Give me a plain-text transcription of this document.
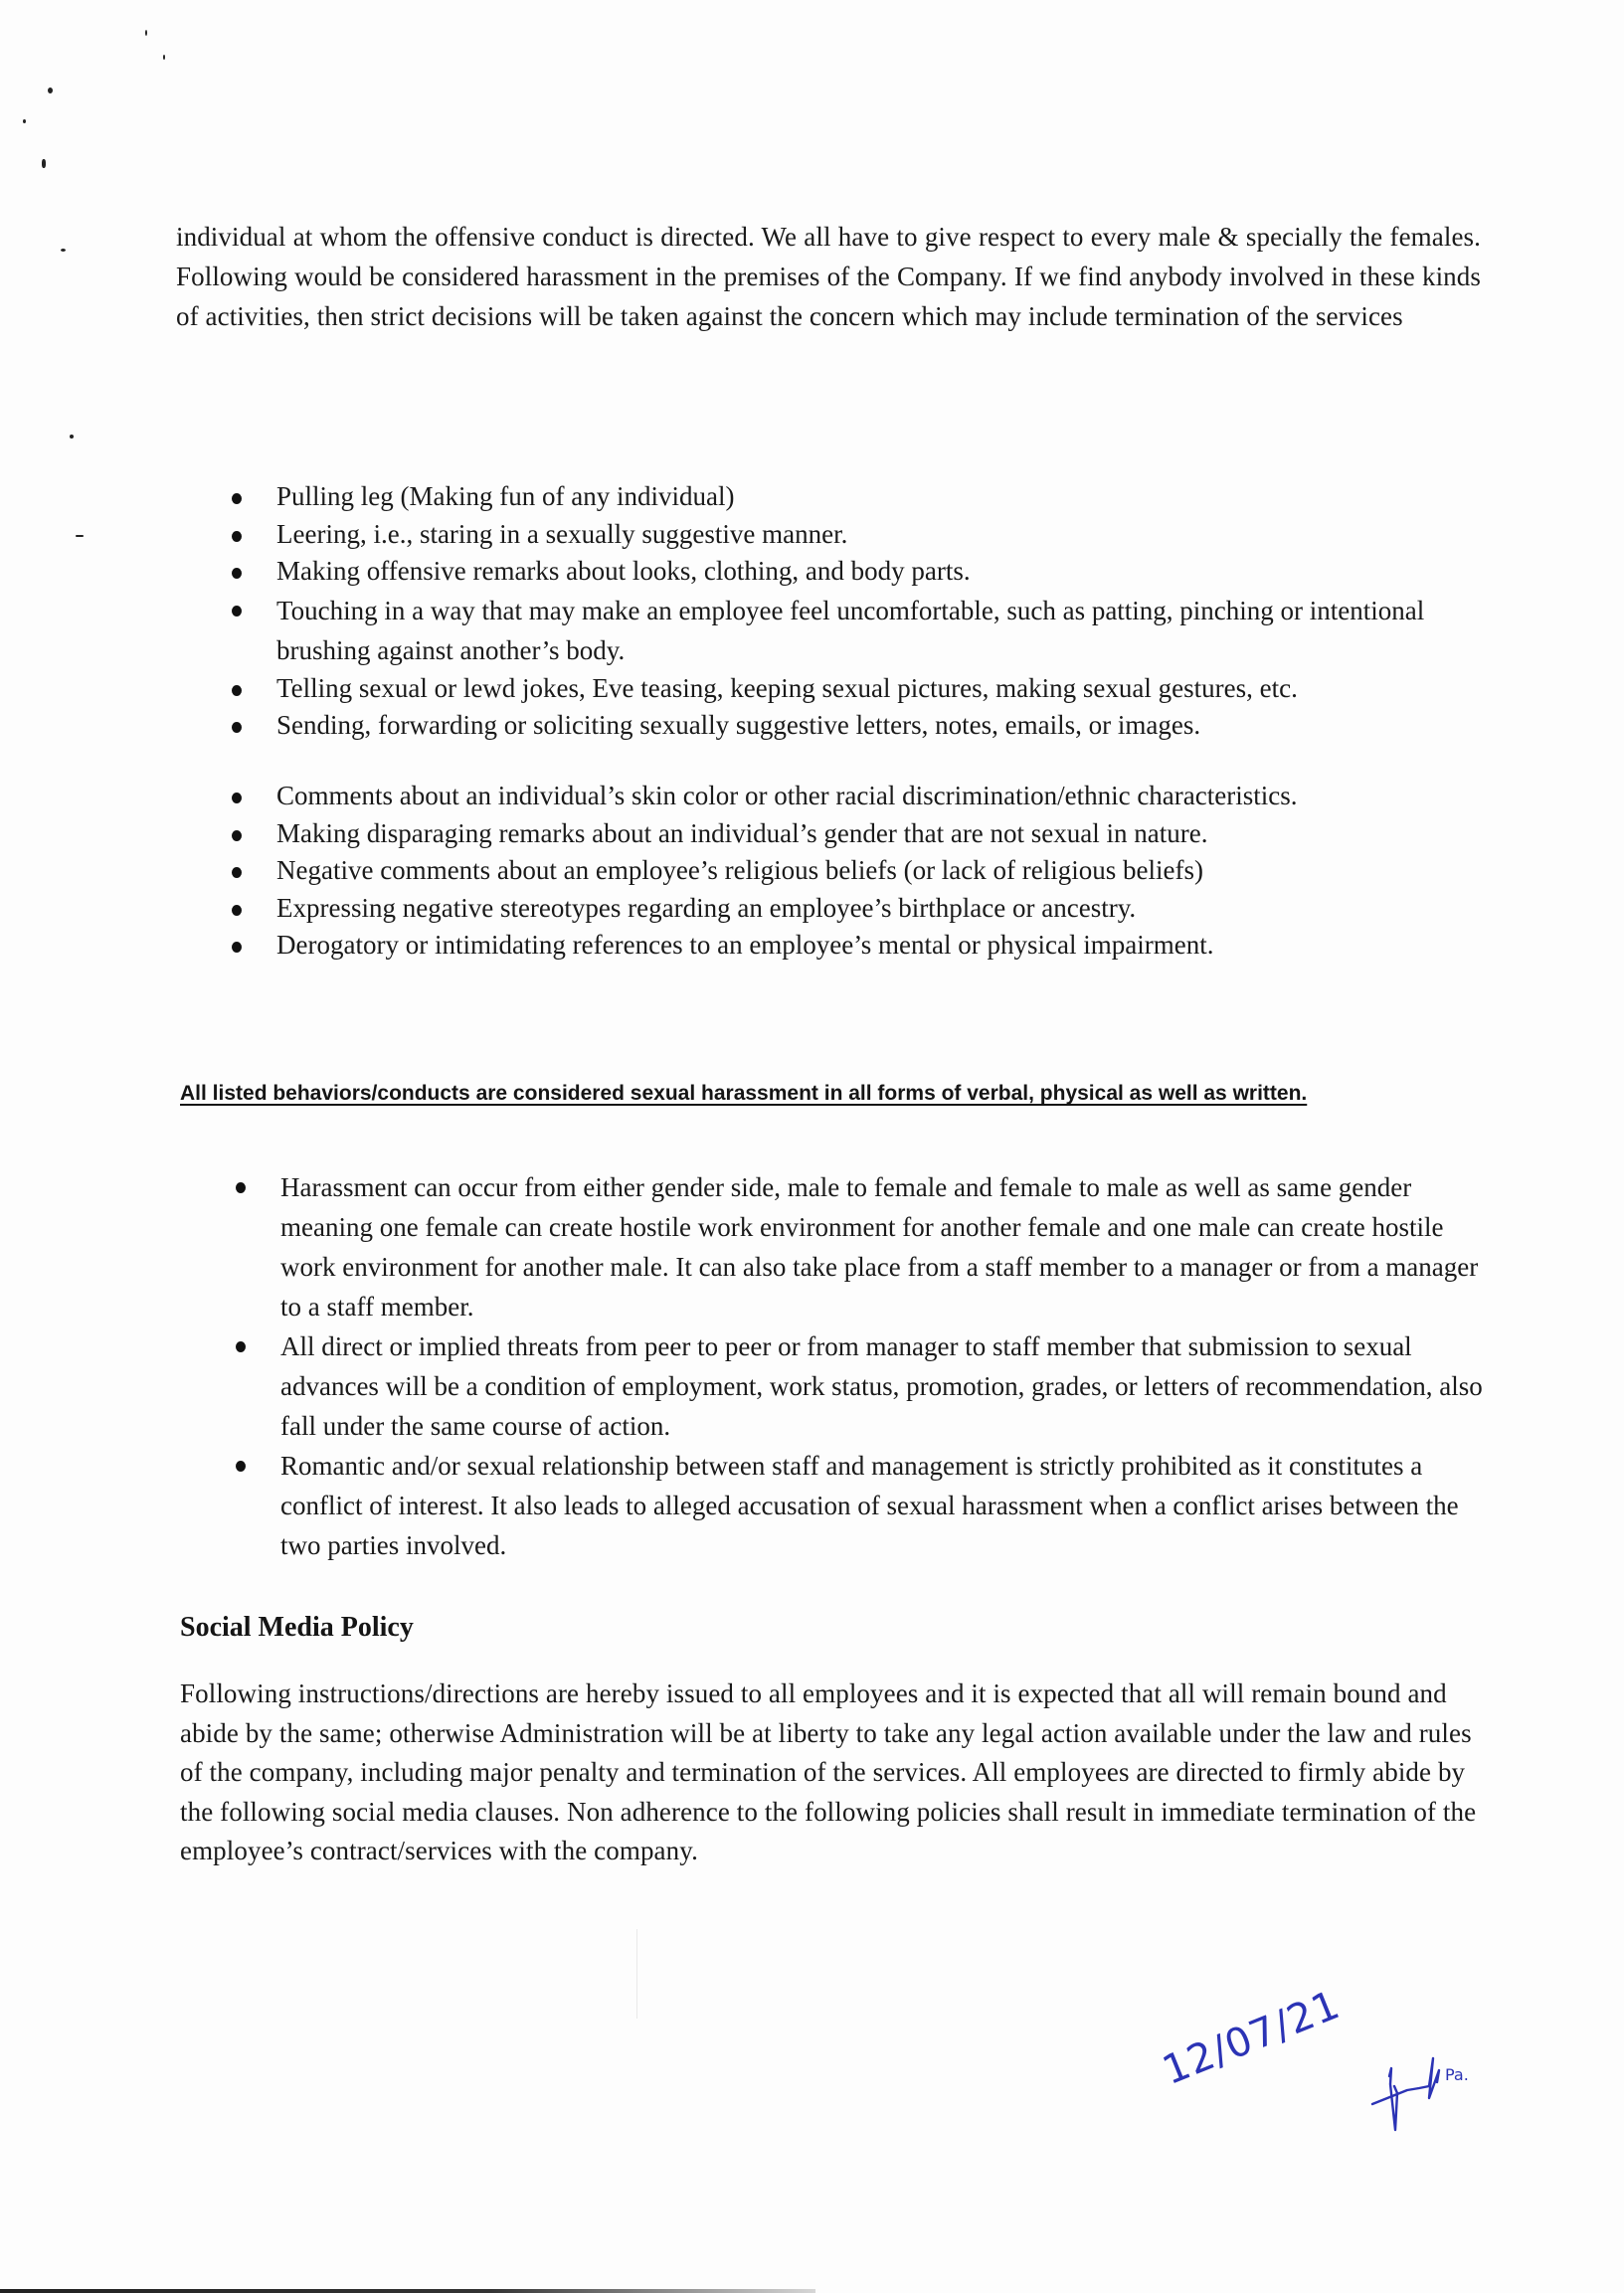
individual at whom the offensive conduct is directed. We all have to give respect to every male & specially the females. Following would be considered harassment in the premises of the Company. If we find anybody involved in these kinds of activities, then strict decisions will be taken against the concern which may include termination of the services

Pulling leg (Making fun of any individual)
Leering, i.e., staring in a sexually suggestive manner.
Making offensive remarks about looks, clothing, and body parts.
Touching in a way that may make an employee feel uncomfortable, such as patting, pinching or intentional brushing against another’s body.
Telling sexual or lewd jokes, Eve teasing, keeping sexual pictures, making sexual gestures, etc.
Sending, forwarding or soliciting sexually suggestive letters, notes, emails, or images.
Comments about an individual’s skin color or other racial discrimination/ethnic characteristics.
Making disparaging remarks about an individual’s gender that are not sexual in nature.
Negative comments about an employee’s religious beliefs (or lack of religious beliefs)
Expressing negative stereotypes regarding an employee’s birthplace or ancestry.
Derogatory or intimidating references to an employee’s mental or physical impairment.
All listed behaviors/conducts are considered sexual harassment in all forms of verbal, physical as well as written.
Harassment can occur from either gender side, male to female and female to male as well as same gender meaning one female can create hostile work environment for another female and one male can create hostile work environment for another male. It can also take place from a staff member to a manager or from a manager to a staff member.
All direct or implied threats from peer to peer or from manager to staff member that submission to sexual advances will be a condition of employment, work status, promotion, grades, or letters of recommendation, also fall under the same course of action.
Romantic and/or sexual relationship between staff and management is strictly prohibited as it constitutes a conflict of interest. It also leads to alleged accusation of sexual harassment when a conflict arises between the two parties involved.
Social Media Policy

Following instructions/directions are hereby issued to all employees and it is expected that all will remain bound and abide by the same; otherwise Administration will be at liberty to take any legal action available under the law and rules of the company, including major penalty and termination of the services. All employees are directed to firmly abide by the following social media clauses. Non adherence to the following policies shall result in immediate termination of the employee’s contract/services with the company.

12/07/21	Pa.
